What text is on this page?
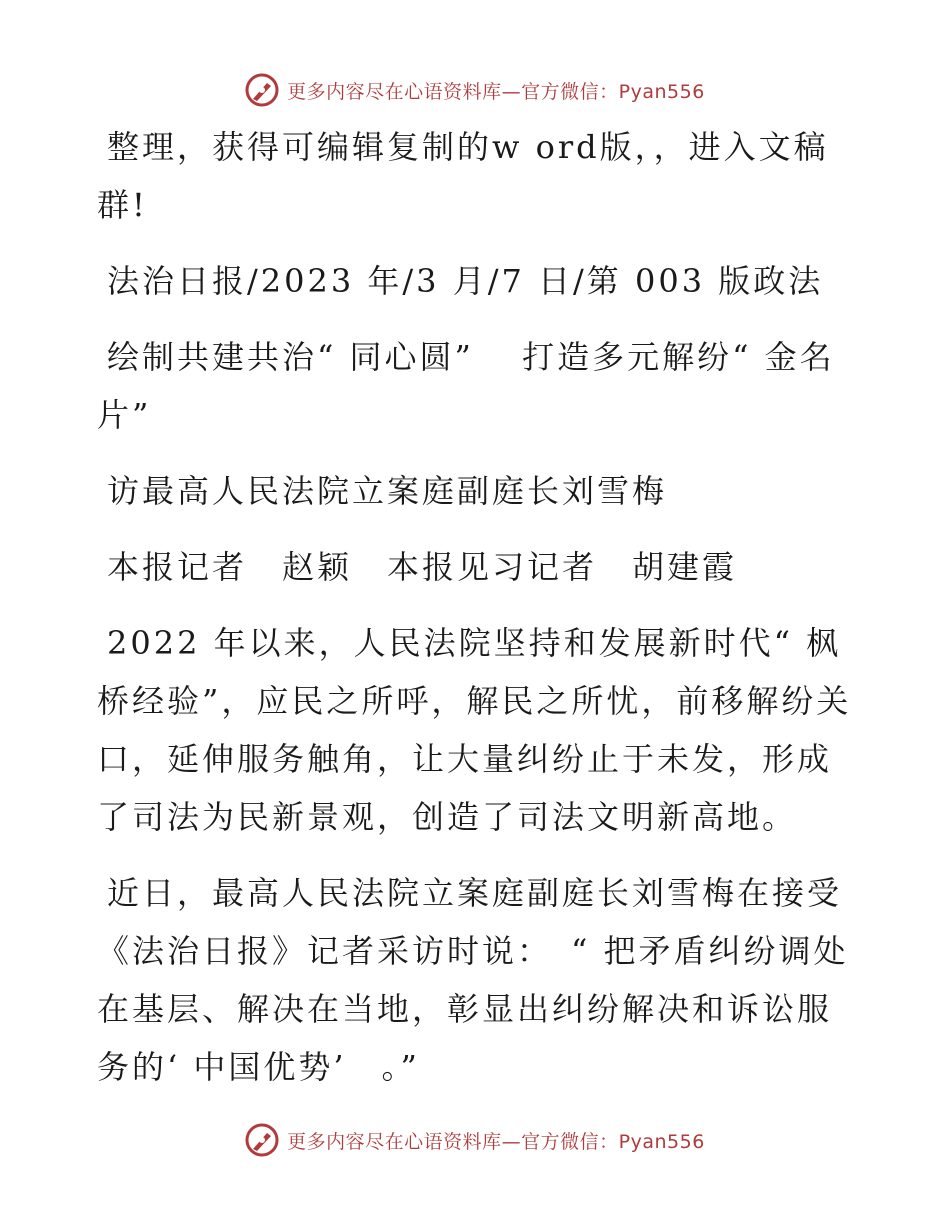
更多内容尽在心语资料库—官方微信：Pyan556

整理，获得可编辑复制的w ord版，，进入文稿群!

法治日报/2023 年/3 月/7 日/第 003 版政法

绘制共建共治“ 同心圆”　 打造多元解纷“ 金名片”

访最高人民法院立案庭副庭长刘雪梅

本报记者　赵颖　本报见习记者　胡建霞

2022 年以来，人民法院坚持和发展新时代“ 枫桥经验”，应民之所呼，解民之所忧，前移解纷关口，延伸服务触角，让大量纠纷止于未发，形成了司法为民新景观，创造了司法文明新高地。

近日，最高人民法院立案庭副庭长刘雪梅在接受《法治日报》记者采访时说：　“ 把矛盾纠纷调处在基层、解决在当地，彰显出纠纷解决和诉讼服务的‘ 中国优势’　。”

更多内容尽在心语资料库—官方微信：Pyan556
